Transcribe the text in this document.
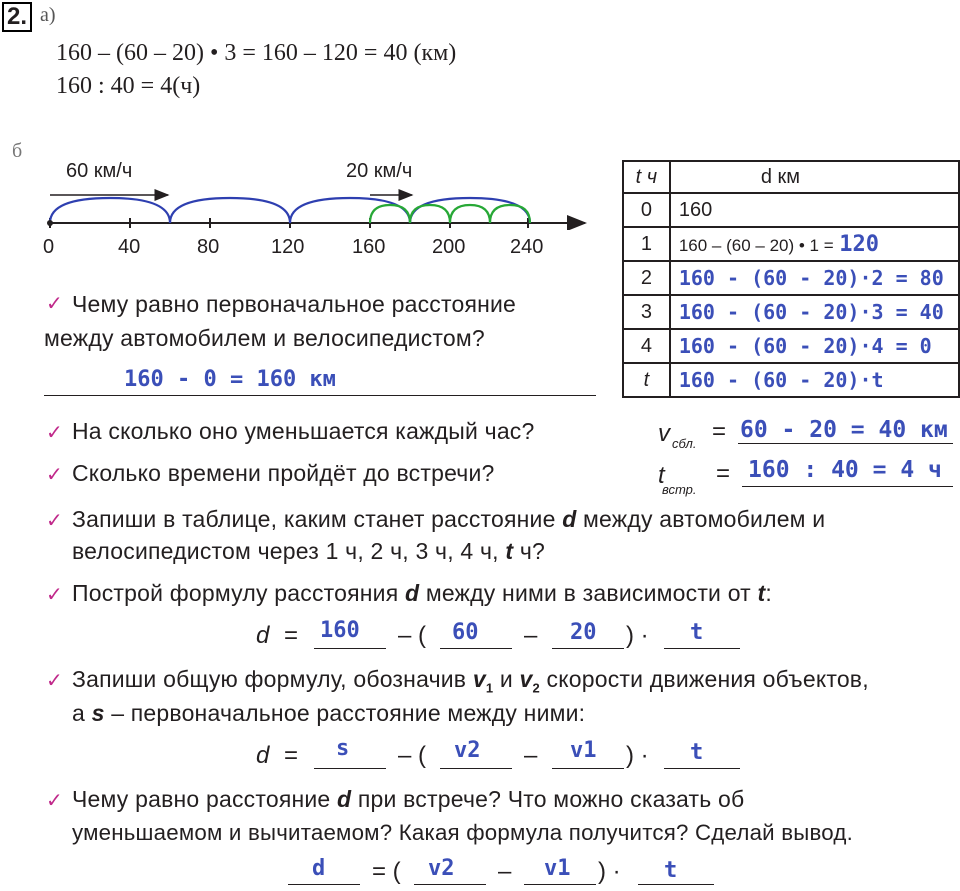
2. а)
160 – (60 – 20) • 3 = 160 – 120 = 40 (км)
160 : 40 = 4(ч)
б
60 км/ч	20 км/ч
0	40	80	120 160 200 240
t ч	d км
0	160
1	160 – (60 – 20) • 1 = 120
2	160 - (60 - 20)·2 = 80
3	160 - (60 - 20)·3 = 40
4	160 - (60 - 20)·4 = 0
t	160 - (60 - 20)·t
✓ Чему равно первоначальное расстояние
между автомобилем и велосипедистом?
160 - 0 = 160 км
✓ На сколько оно уменьшается каждый час?	v сбл. = 60 - 20 = 40 км
✓ Сколько времени пройдёт до встречи?	t
встр.
= 160 : 40 = 4 ч
✓ Запиши в таблице, каким станет расстояние d между автомобилем и
велосипедистом через 1 ч, 2 ч, 3 ч, 4 ч, t ч?
✓ Построй формулу расстояния d между ними в зависимости от t:
d = 160 – ( 60 – 20 ) · t
✓ Запиши общую формулу, обозначив $v_1$ и $v_2$ скорости движения объектов,
а s – первоначальное расстояние между ними:
d = s – ( v2 – v1 ) · t
✓ Чему равно расстояние d при встрече? Что можно сказать об
уменьшаемом и вычитаемом? Какая формула получится? Сделай вывод.
d = ( v2 – v1 ) · t
